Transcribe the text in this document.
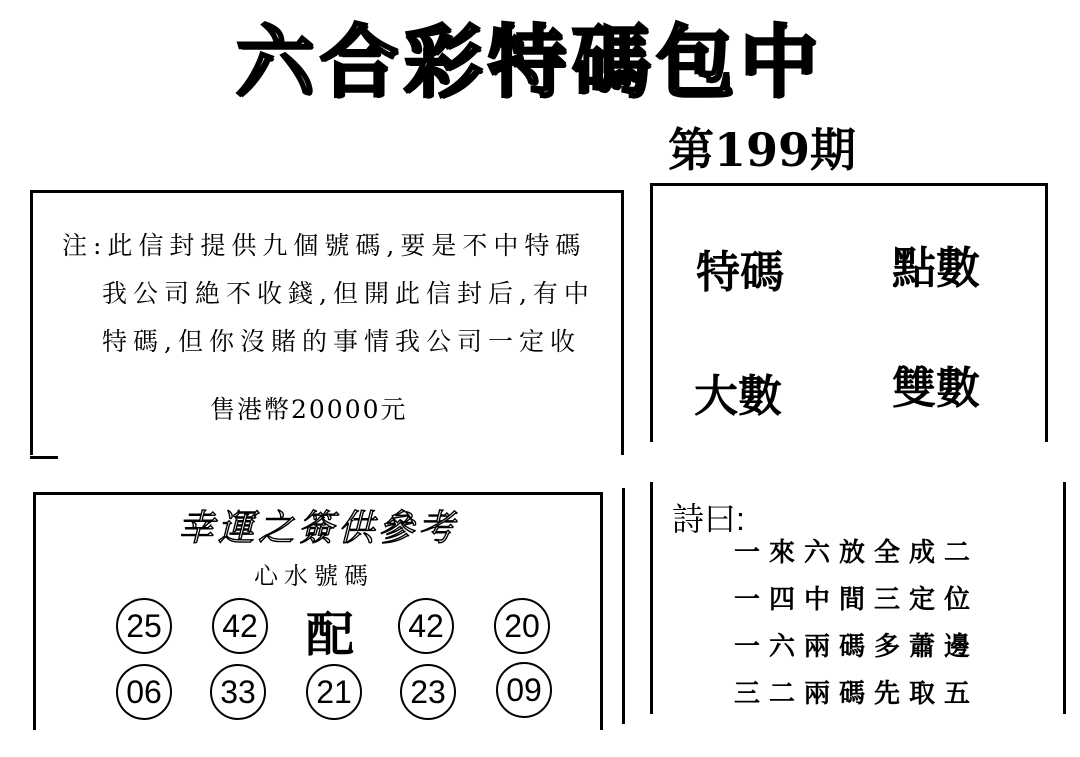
六合彩特碼包中
第199期
注:此信封提供九個號碼,要是不中特碼
我公司絶不收錢,但開此信封后,有中
特碼,但你沒賭的事情我公司一定收
售港幣20000元
特碼 點數
大數	雙數
幸運之簽供參考
心水號碼
25	42 配	42	20
06	33	21	23	09
詩曰:
一來六放全成二
一四中間三定位
一六兩碼多蕭邊
三二兩碼先取五
